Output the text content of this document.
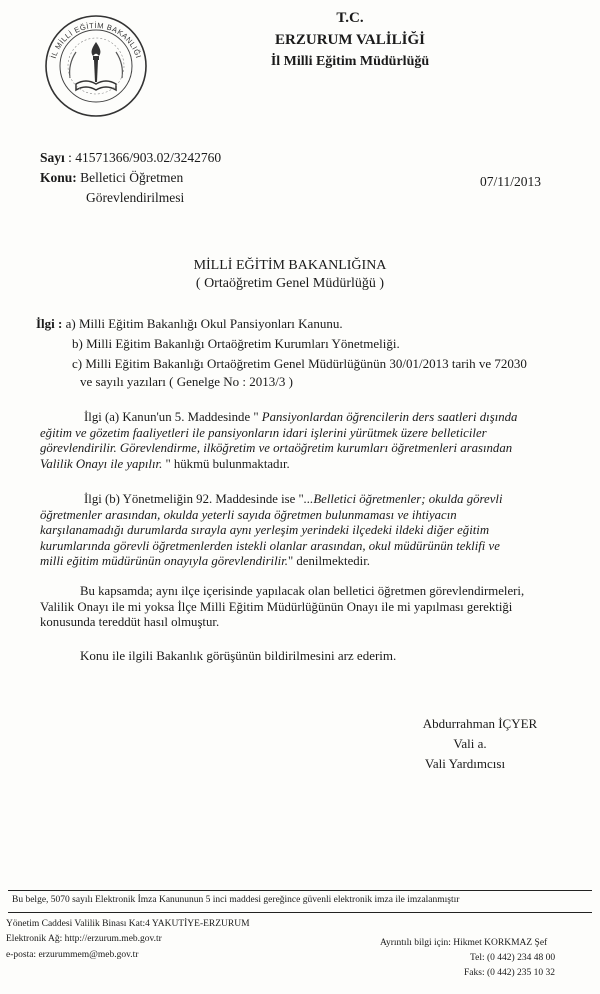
İL MİLLİ EĞİTİM BAKANLIĞI
T.C.
ERZURUM VALİLİĞİ
İl Milli Eğitim Müdürlüğü
Sayı : 41571366/903.02/3242760
Konu: Belletici Öğretmen
Görevlendirilmesi
07/11/2013
MİLLİ EĞİTİM BAKANLIĞINA
( Ortaöğretim Genel Müdürlüğü )
İlgi : a) Milli Eğitim Bakanlığı Okul Pansiyonları Kanunu.
b) Milli Eğitim Bakanlığı Ortaöğretim Kurumları Yönetmeliği.
c) Milli Eğitim Bakanlığı Ortaöğretim Genel Müdürlüğünün 30/01/2013 tarih ve 72030
ve sayılı yazıları ( Genelge No : 2013/3 )
İlgi (a) Kanun'un 5. Maddesinde " Pansiyonlardan öğrencilerin ders saatleri dışında
eğitim ve gözetim faaliyetleri ile pansiyonların idari işlerini yürütmek üzere belleticiler
görevlendirilir. Görevlendirme, ilköğretim ve ortaöğretim kurumları öğretmenleri arasından
Valilik Onayı ile yapılır. " hükmü bulunmaktadır.
İlgi (b) Yönetmeliğin 92. Maddesinde ise "...Belletici öğretmenler; okulda görevli
öğretmenler arasından, okulda yeterli sayıda öğretmen bulunmaması ve ihtiyacın
karşılanamadığı durumlarda sırayla aynı yerleşim yerindeki ilçedeki ildeki diğer eğitim
kurumlarında görevli öğretmenlerden istekli olanlar arasından, okul müdürünün teklifi ve
milli eğitim müdürünün onayıyla görevlendirilir." denilmektedir.
Bu kapsamda; aynı ilçe içerisinde yapılacak olan belletici öğretmen görevlendirmeleri,
Valilik Onayı ile mi yoksa İlçe Milli Eğitim Müdürlüğünün Onayı ile mi yapılması gerektiği
konusunda tereddüt hasıl olmuştur.
Konu ile ilgili Bakanlık görüşünün bildirilmesini arz ederim.
Abdurrahman İÇYER
Vali a.
Vali Yardımcısı
Bu belge, 5070 sayılı Elektronik İmza Kanununun 5 inci maddesi gereğince güvenli elektronik imza ile imzalanmıştır
Yönetim Caddesi Valilik Binası Kat:4 YAKUTİYE-ERZURUM
Elektronik Ağ: http://erzurum.meb.gov.tr
e-posta: erzurummem@meb.gov.tr
Ayrıntılı bilgi için: Hikmet KORKMAZ Şef
Tel: (0 442) 234 48 00
Faks: (0 442) 235 10 32
